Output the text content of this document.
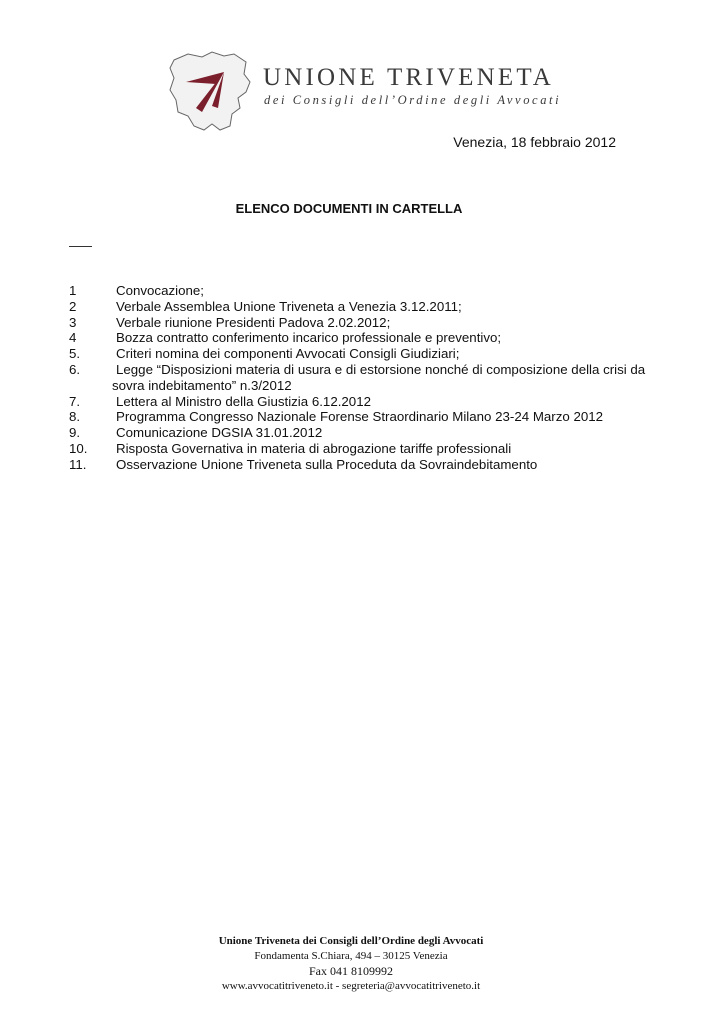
UNIONE TRIVENETA
dei Consigli dell’Ordine degli Avvocati
Venezia, 18 febbraio 2012
ELENCO DOCUMENTI IN CARTELLA
1	Convocazione;
2	Verbale Assemblea Unione Triveneta a Venezia 3.12.2011;
3	Verbale riunione Presidenti Padova 2.02.2012;
4	Bozza contratto conferimento incarico professionale e preventivo;
5.	Criteri nomina dei componenti Avvocati Consigli Giudiziari;
6.	Legge “Disposizioni materia di usura e di estorsione nonché di composizione della crisi da
sovra indebitamento” n.3/2012
7.	Lettera al Ministro della Giustizia 6.12.2012
8.	Programma Congresso Nazionale Forense Straordinario Milano 23-24 Marzo 2012
9.	Comunicazione DGSIA 31.01.2012
10.	Risposta Governativa in materia di abrogazione tariffe professionali
11.	Osservazione Unione Triveneta sulla Proceduta da Sovraindebitamento
Unione Triveneta dei Consigli dell’Ordine degli Avvocati
Fondamenta S.Chiara, 494 – 30125 Venezia
Fax 041 8109992
www.avvocatitriveneto.it - segreteria@avvocatitriveneto.it
